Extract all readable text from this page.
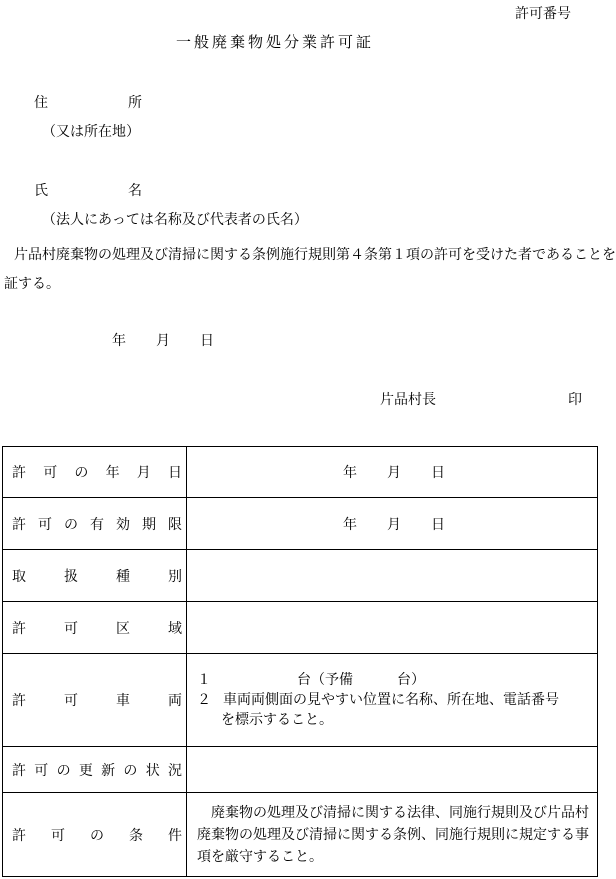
許可番号
一般廃棄物処分業許可証
住	所
（又は所在地）
氏	名
（法人にあっては名称及び代表者の氏名）
片品村廃棄物の処理及び清掃に関する条例施行規則第４条第１項の許可を受けた者であることを証する。
年 月 日
片品村長	印
許可の年月日	年 月 日
許可の有効期限	年 月 日
取扱種別	
許可区域	
許可車両	１ 台（予備 台）
２ 車両両側面の見やすい位置に名称、所在地、電話番号
を標示すること。

許可の更新の状況	
許可の条件	廃棄物の処理及び清掃に関する法律、同施行規則及び片品村廃棄物の処理及び清掃に関する条例、同施行規則に規定する事項を厳守すること。
